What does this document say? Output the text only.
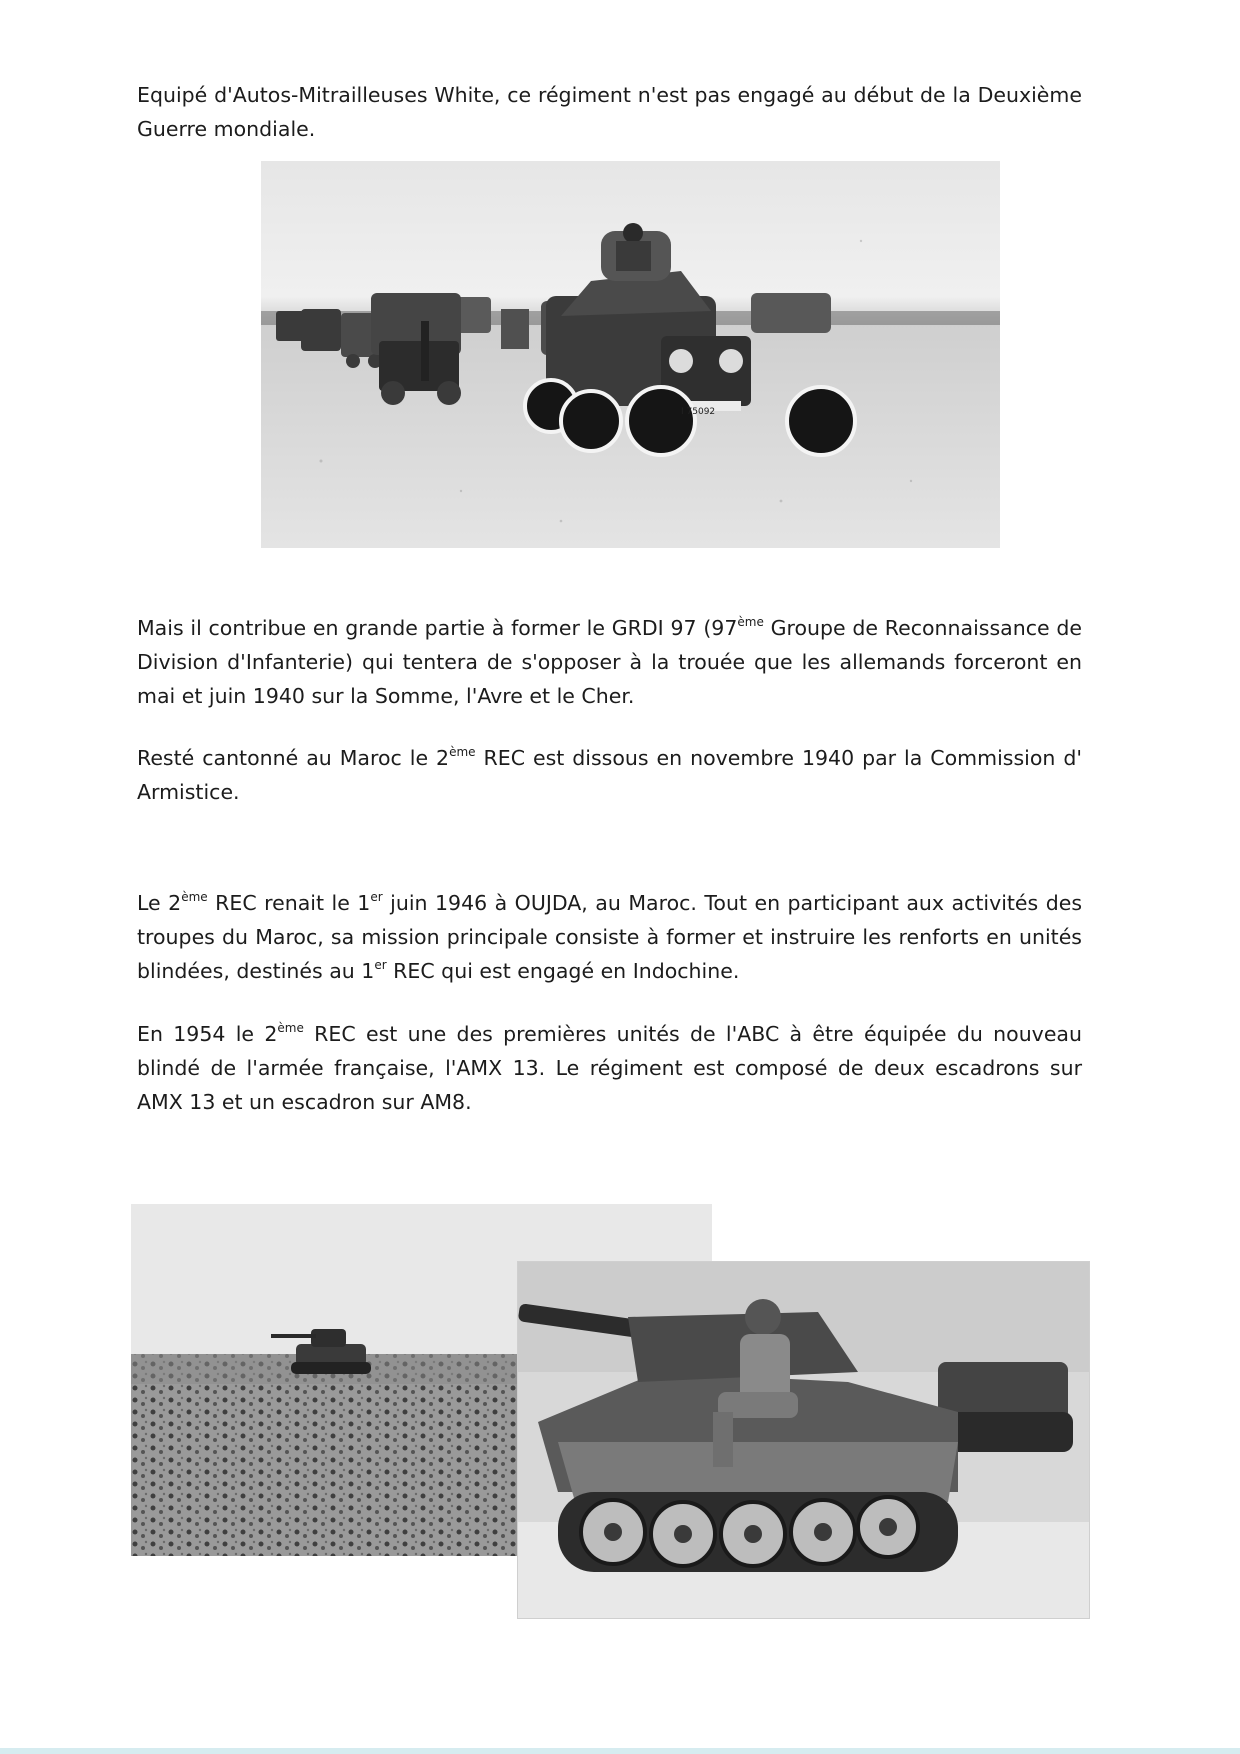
Equipé d'Autos-Mitrailleuses White, ce régiment n'est pas engagé au début de la Deuxième Guerre mondiale.

I 75092

Mais il contribue en grande partie à former le GRDI 97 (97ème Groupe de Reconnaissance de Division d'Infanterie) qui tentera de s'opposer à la trouée que les allemands forceront en mai et juin 1940 sur la Somme, l'Avre et le Cher.

Resté cantonné au Maroc le 2ème REC est dissous en novembre 1940 par la Commission d' Armistice.

Le 2ème REC renait le 1er juin 1946 à OUJDA, au Maroc. Tout en participant aux activités des troupes du Maroc, sa mission principale consiste à former et instruire les renforts en unités blindées, destinés au 1er REC qui est engagé en Indochine.

En 1954 le 2ème REC est une des premières unités de l'ABC à être équipée du nouveau blindé de l'armée française, l'AMX 13. Le régiment est composé de deux escadrons sur AMX 13 et un escadron sur AM8.
